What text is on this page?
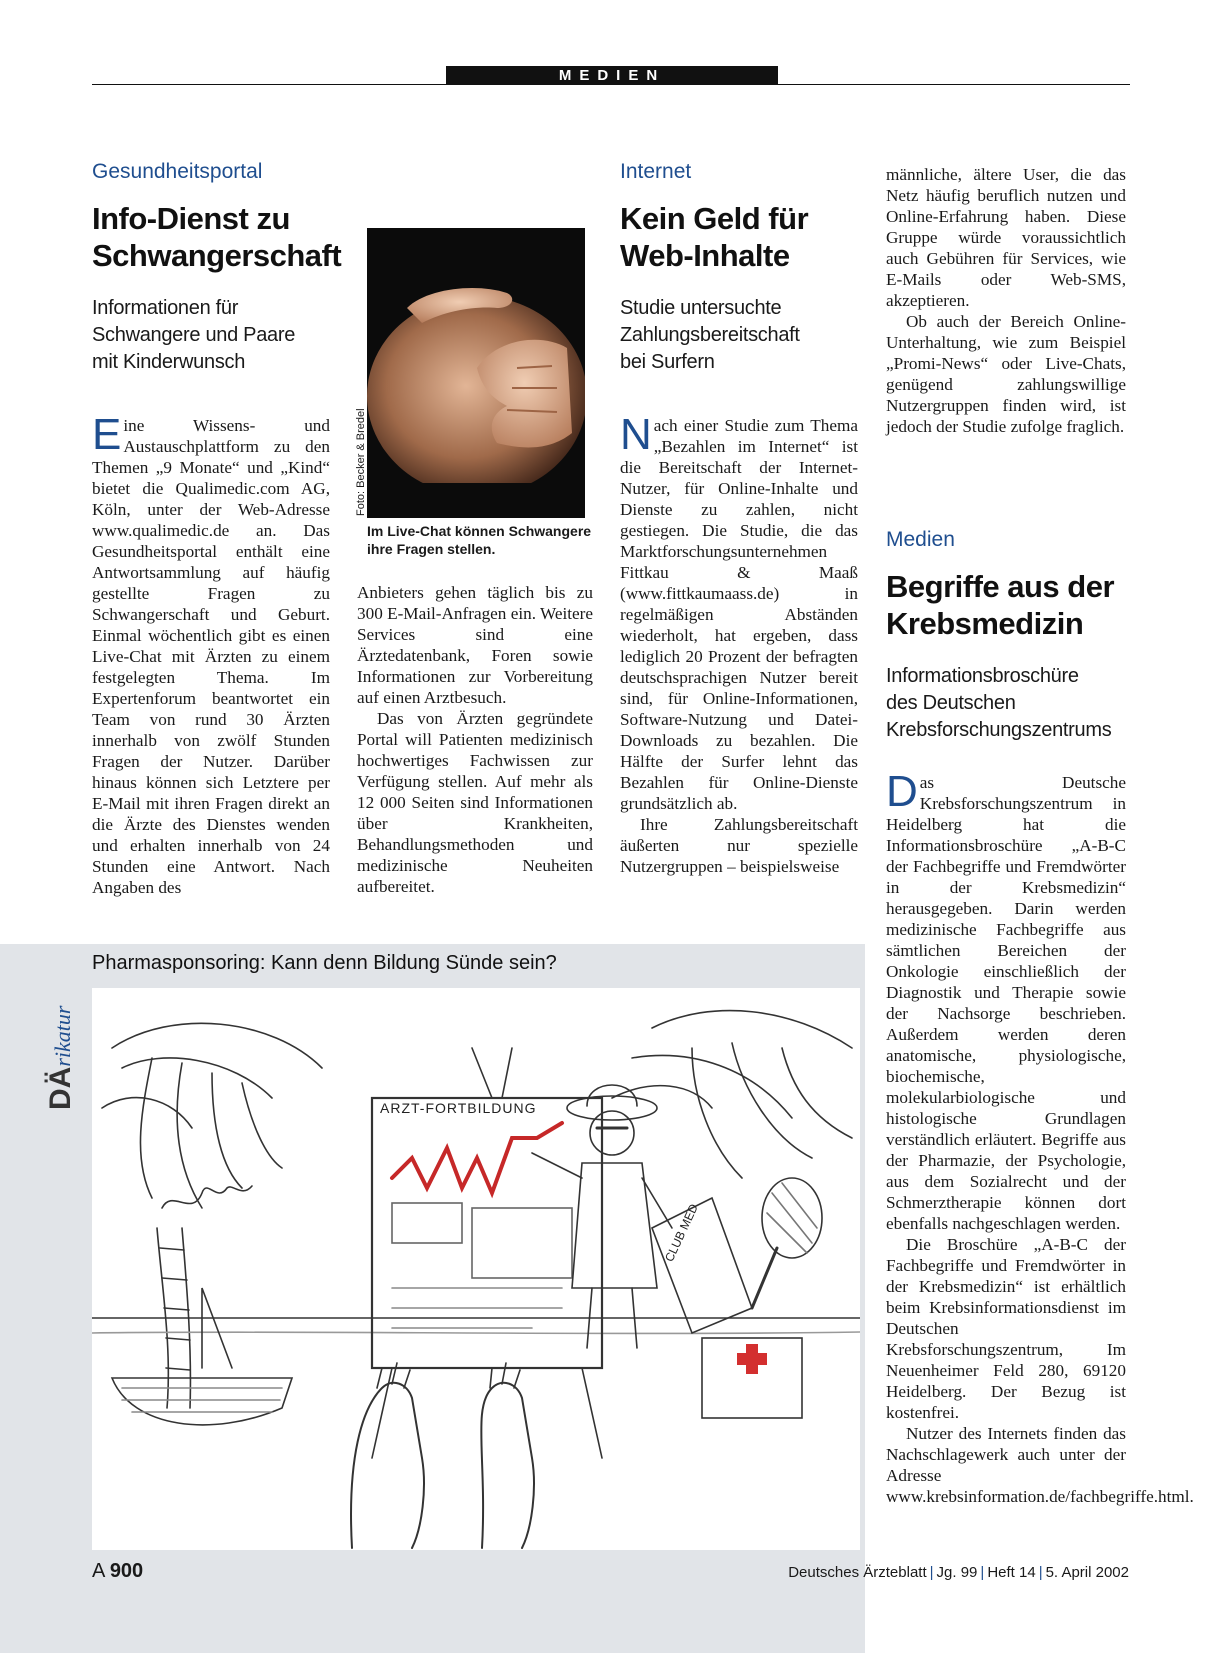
MEDIEN
Gesundheitsportal
Info-Dienst zu
Schwangerschaft
Informationen für
Schwangere und Paare
mit Kinderwunsch

Eine Wissens- und Austauschplattform zu den Themen „9 Monate“ und „Kind“ bietet die Qualimedic.com AG, Köln, unter der Web-Adresse www.qualimedic.de an. Das Gesundheitsportal enthält eine Antwortsammlung auf häufig gestellte Fragen zu Schwangerschaft und Geburt. Einmal wöchentlich gibt es einen Live-Chat mit Ärzten zu einem festgelegten Thema. Im Expertenforum beantwortet ein Team von rund 30 Ärzten innerhalb von zwölf Stunden Fragen der Nutzer. Darüber hinaus können sich Letztere per E-Mail mit ihren Fragen direkt an die Ärzte des Dienstes wenden und erhalten innerhalb von 24 Stunden eine Antwort. Nach Angaben des

Foto: Becker & Bredel
Im Live-Chat können Schwangere
ihre Fragen stellen.

Anbieters gehen täglich bis zu 300 E-Mail-Anfragen ein. Weitere Services sind eine Ärztedatenbank, Foren sowie Informationen zur Vorbereitung auf einen Arztbesuch.

Das von Ärzten gegründete Portal will Patienten medizinisch hochwertiges Fachwissen zur Verfügung stellen. Auf mehr als 12 000 Seiten sind Informationen über Krankheiten, Behandlungsmethoden und medizinische Neuheiten aufbereitet.

Internet
Kein Geld für
Web-Inhalte
Studie untersuchte
Zahlungsbereitschaft
bei Surfern

Nach einer Studie zum Thema „Bezahlen im Internet“ ist die Bereitschaft der Internet-Nutzer, für Online-Inhalte und Dienste zu zahlen, nicht gestiegen. Die Studie, die das Marktforschungsunternehmen Fittkau & Maaß (www.fittkaumaass.de) in regelmäßigen Abständen wiederholt, hat ergeben, dass lediglich 20 Prozent der befragten deutschsprachigen Nutzer bereit sind, für Online-Informationen, Software-Nutzung und Datei-Downloads zu bezahlen. Die Hälfte der Surfer lehnt das Bezahlen für Online-Dienste grundsätzlich ab.

Ihre Zahlungsbereitschaft äußerten nur spezielle Nutzergruppen – beispielsweise

männliche, ältere User, die das Netz häufig beruflich nutzen und Online-Erfahrung haben. Diese Gruppe würde voraussichtlich auch Gebühren für Services, wie E-Mails oder Web-SMS, akzeptieren.

Ob auch der Bereich Online-Unterhaltung, wie zum Beispiel „Promi-News“ oder Live-Chats, genügend zahlungswillige Nutzergruppen finden wird, ist jedoch der Studie zufolge fraglich.

Medien
Begriffe aus der
Krebsmedizin
Informationsbroschüre
des Deutschen
Krebsforschungszentrums

Das Deutsche Krebsforschungszentrum in Heidelberg hat die Informationsbroschüre „A-B-C der Fachbegriffe und Fremdwörter in der Krebsmedizin“ herausgegeben. Darin werden medizinische Fachbegriffe aus sämtlichen Bereichen der Onkologie einschließlich der Diagnostik und Therapie sowie der Nachsorge beschrieben. Außerdem werden deren anatomische, physiologische, biochemische, molekularbiologische und histologische Grundlagen verständlich erläutert. Begriffe aus der Pharmazie, der Psychologie, aus dem Sozialrecht und der Schmerztherapie können dort ebenfalls nachgeschlagen werden.

Die Broschüre „A-B-C der Fachbegriffe und Fremdwörter in der Krebsmedizin“ ist erhältlich beim Krebsinformationsdienst im Deutschen Krebsforschungszentrum, Im Neuenheimer Feld 280, 69120 Heidelberg. Der Bezug ist kostenfrei.

Nutzer des Internets finden das Nachschlagewerk auch unter der Adresse www.krebsinformation.de/fachbegriffe.html.

Pharmasponsoring: Kann denn Bildung Sünde sein?
DÄrikatur
ARZT-FORTBILDUNG
CLUB MED
A 900	Deutsches Ärzteblatt | Jg. 99 | Heft 14 | 5. April 2002
